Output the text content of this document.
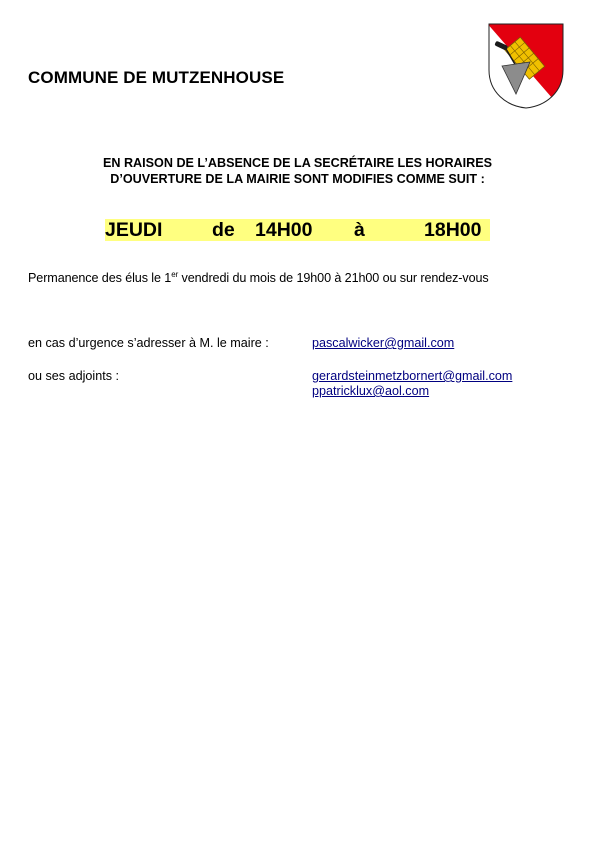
COMMUNE DE MUTZENHOUSE
EN RAISON DE L’ABSENCE DE LA SECRÉTAIRE LES HORAIRES
D’OUVERTURE DE LA MAIRIE SONT MODIFIES COMME SUIT :
JEUDI	de 14H00 à	18H00
Permanence des élus le 1er vendredi du mois de 19h00 à 21h00 ou sur rendez-vous
en cas d’urgence s’adresser à M. le maire :	pascalwicker@gmail.com
ou ses adjoints :	gerardsteinmetzbornert@gmail.com
ppatricklux@aol.com
